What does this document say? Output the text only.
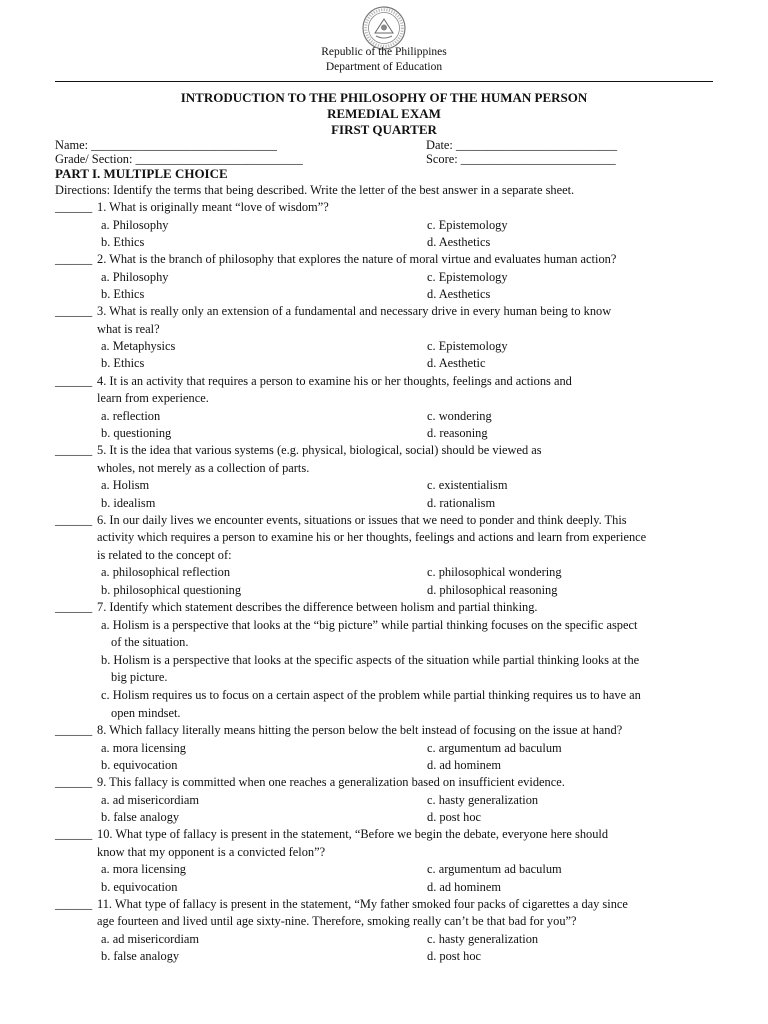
Republic of the Philippines
Department of Education
INTRODUCTION TO THE PHILOSOPHY OF THE HUMAN PERSON
REMEDIAL EXAM
FIRST QUARTER
Name: ______________________________	Date: __________________________
Grade/ Section: ___________________________	Score: _________________________
PART I. MULTIPLE CHOICE
Directions: Identify the terms that being described. Write the letter of the best answer in a separate sheet.
______ 1. What is originally meant “love of wisdom”?
a. Philosophy	c. Epistemology
b. Ethics	d. Aesthetics
______ 2. What is the branch of philosophy that explores the nature of moral virtue and evaluates human action?
a. Philosophy	c. Epistemology
b. Ethics	d. Aesthetics
______ 3. What is really only an extension of a fundamental and necessary drive in every human being to know
what is real?
a. Metaphysics	c. Epistemology
b. Ethics	d. Aesthetic
______ 4. It is an activity that requires a person to examine his or her thoughts, feelings and actions and
learn from experience.
a. reflection	c. wondering
b. questioning	d. reasoning
______ 5. It is the idea that various systems (e.g. physical, biological, social) should be viewed as
wholes, not merely as a collection of parts.
a. Holism	c. existentialism
b. idealism	d. rationalism
______ 6. In our daily lives we encounter events, situations or issues that we need to ponder and think deeply. This
activity which requires a person to examine his or her thoughts, feelings and actions and learn from experience
is related to the concept of:
a. philosophical reflection	c. philosophical wondering
b. philosophical questioning	d. philosophical reasoning
______ 7. Identify which statement describes the difference between holism and partial thinking.
a. Holism is a perspective that looks at the “big picture” while partial thinking focuses on the specific aspect
of the situation.
b. Holism is a perspective that looks at the specific aspects of the situation while partial thinking looks at the
big picture.
c. Holism requires us to focus on a certain aspect of the problem while partial thinking requires us to have an
open mindset.
______ 8. Which fallacy literally means hitting the person below the belt instead of focusing on the issue at hand?
a. mora licensing	c. argumentum ad baculum
b. equivocation	d. ad hominem
______ 9. This fallacy is committed when one reaches a generalization based on insufficient evidence.
a. ad misericordiam	c. hasty generalization
b. false analogy	d. post hoc
______ 10. What type of fallacy is present in the statement, “Before we begin the debate, everyone here should
know that my opponent is a convicted felon”?
a. mora licensing	c. argumentum ad baculum
b. equivocation	d. ad hominem
______ 11. What type of fallacy is present in the statement, “My father smoked four packs of cigarettes a day since
age fourteen and lived until age sixty-nine. Therefore, smoking really can’t be that bad for you”?
a. ad misericordiam	c. hasty generalization
b. false analogy	d. post hoc
